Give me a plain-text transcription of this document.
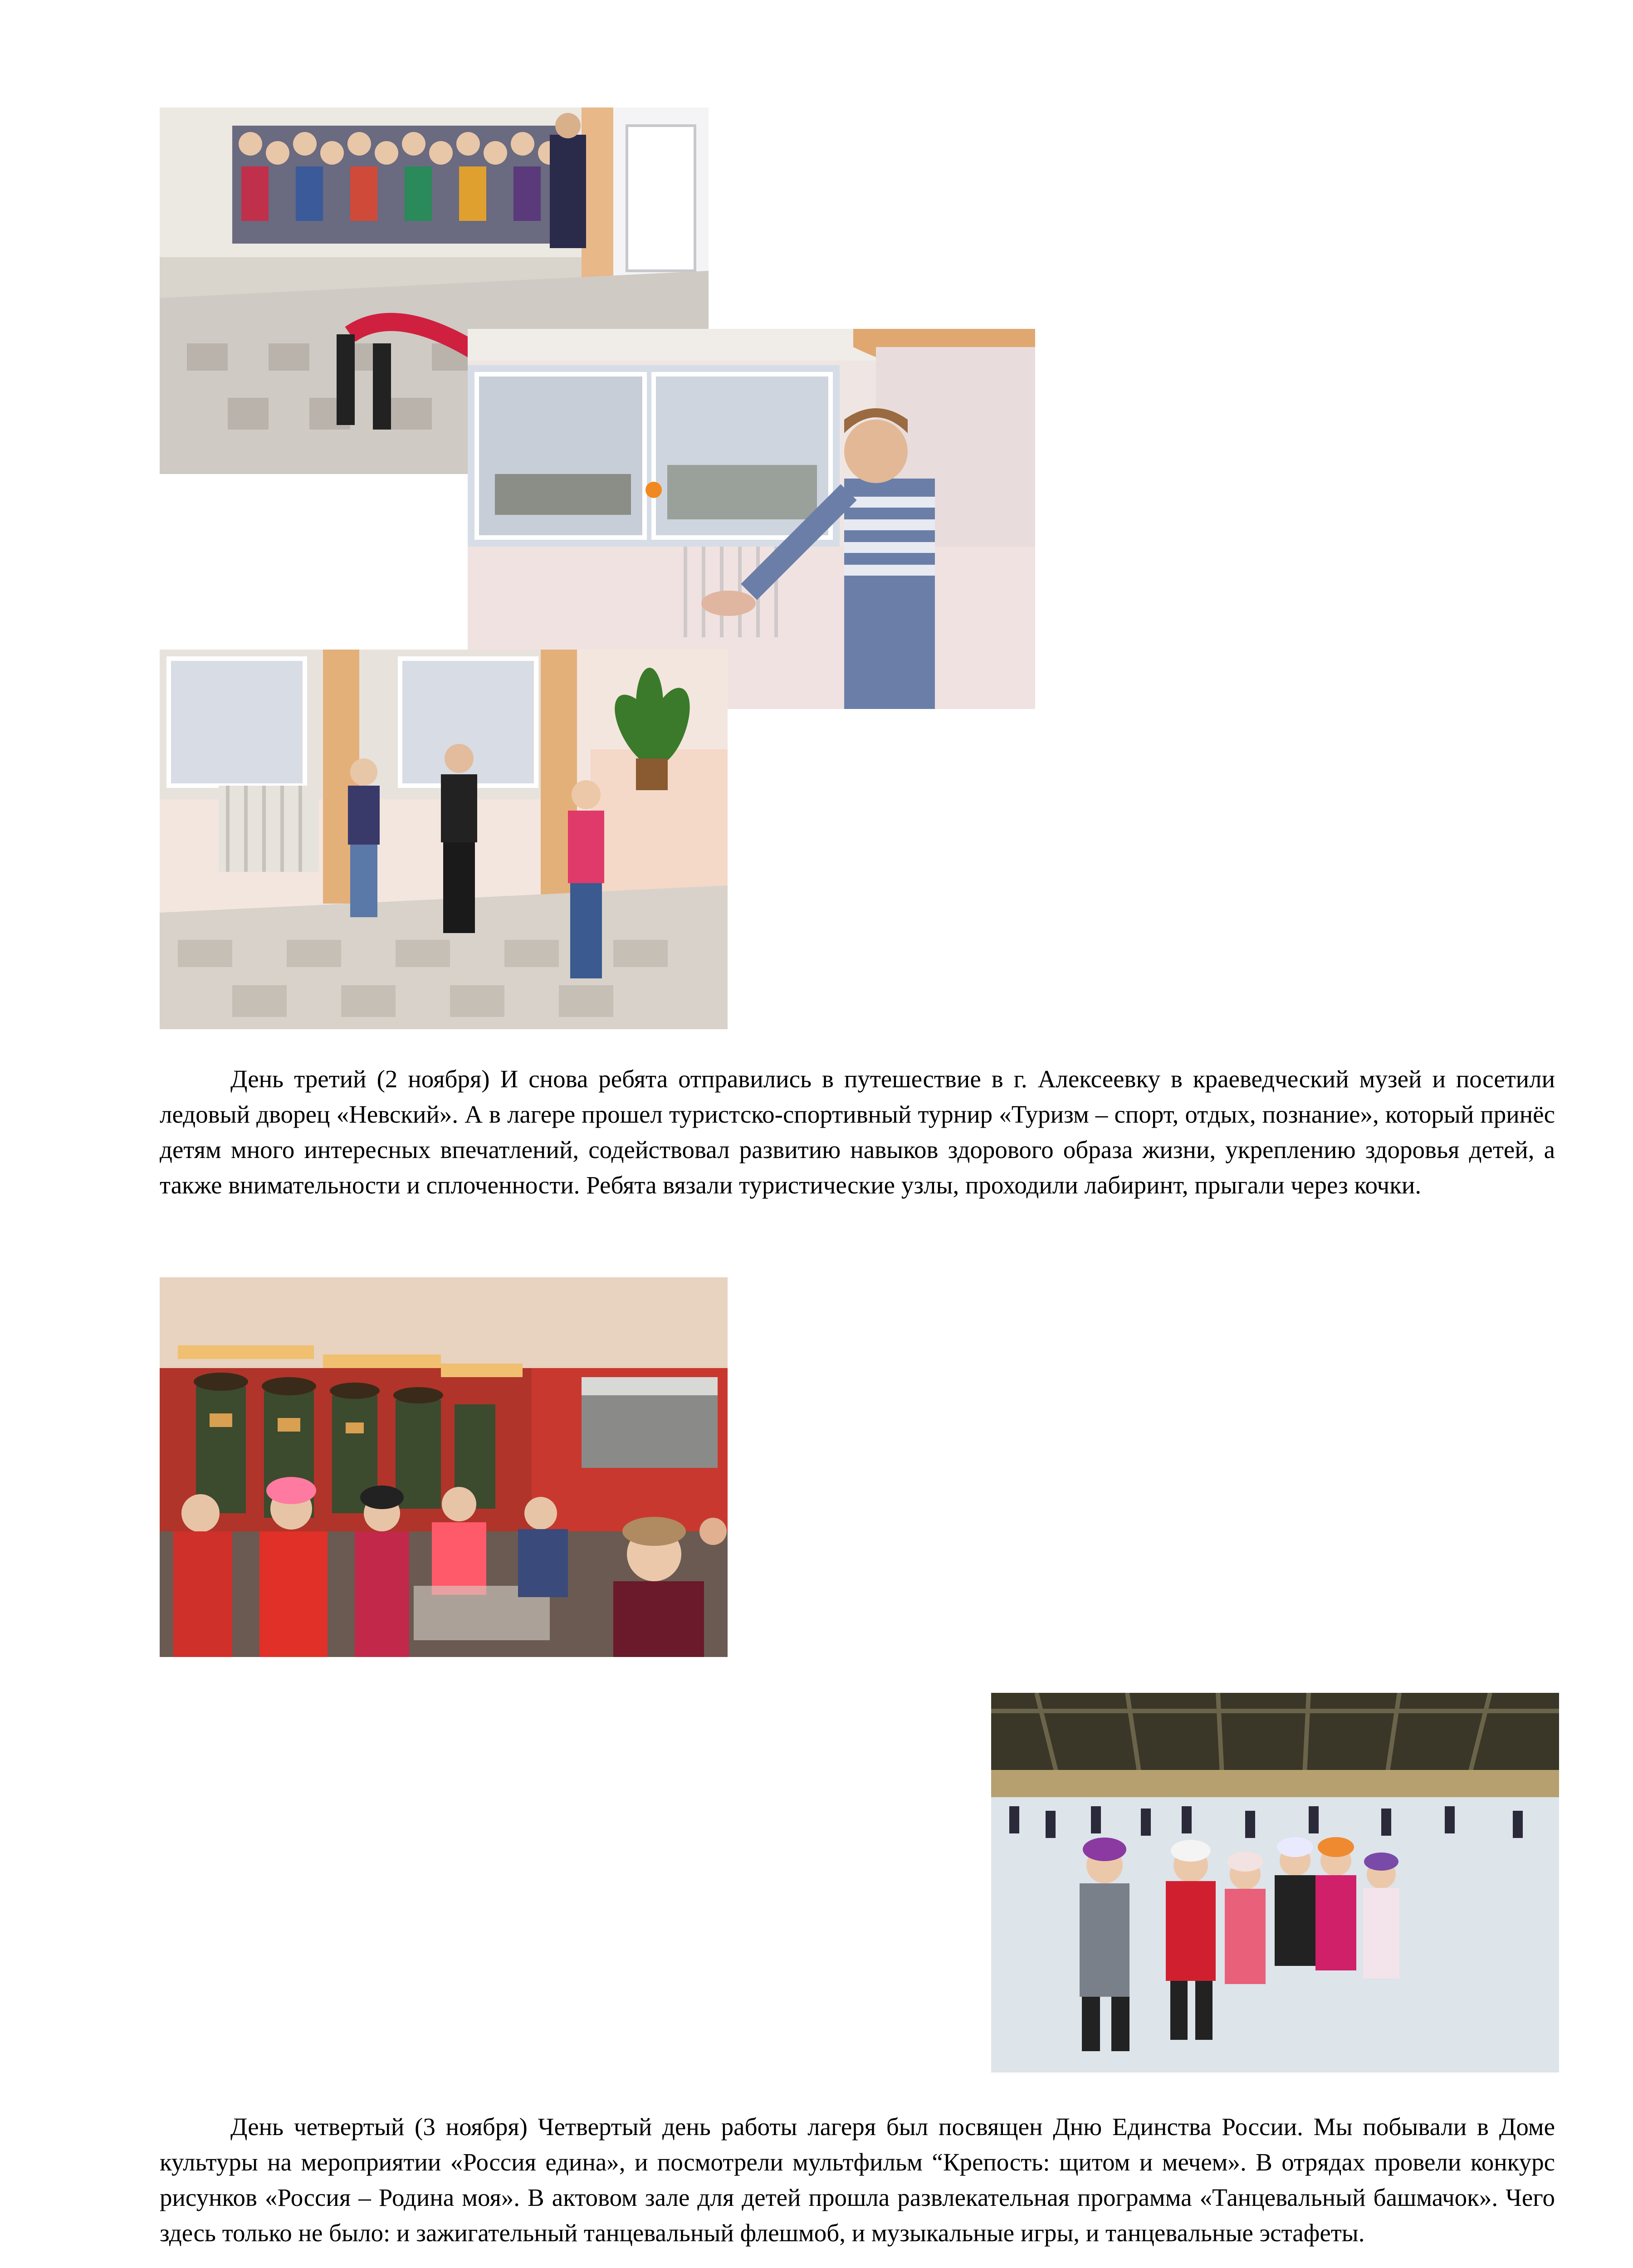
День третий (2 ноября) И снова ребята отправились в путешествие в г. Алексеевку в краеведческий музей и посетили ледовый дворец «Невский». А в лагере прошел туристско-спортивный турнир «Туризм – спорт, отдых, познание», который принёс детям много интересных впечатлений, содействовал развитию навыков здорового образа жизни, укреплению здоровья детей, а также внимательности и сплоченности. Ребята вязали туристические узлы, проходили лабиринт, прыгали через кочки.

День четвертый (3 ноября) Четвертый день работы лагеря был посвящен Дню Единства России. Мы побывали в Доме культуры на мероприятии «Россия едина», и посмотрели мультфильм “Крепость: щитом и мечем». В отрядах провели конкурс рисунков «Россия – Родина моя». В актовом зале для детей прошла развлекательная программа «Танцевальный башмачок». Чего здесь только не было: и зажигательный танцевальный флешмоб, и музыкальные игры, и танцевальные эстафеты.
